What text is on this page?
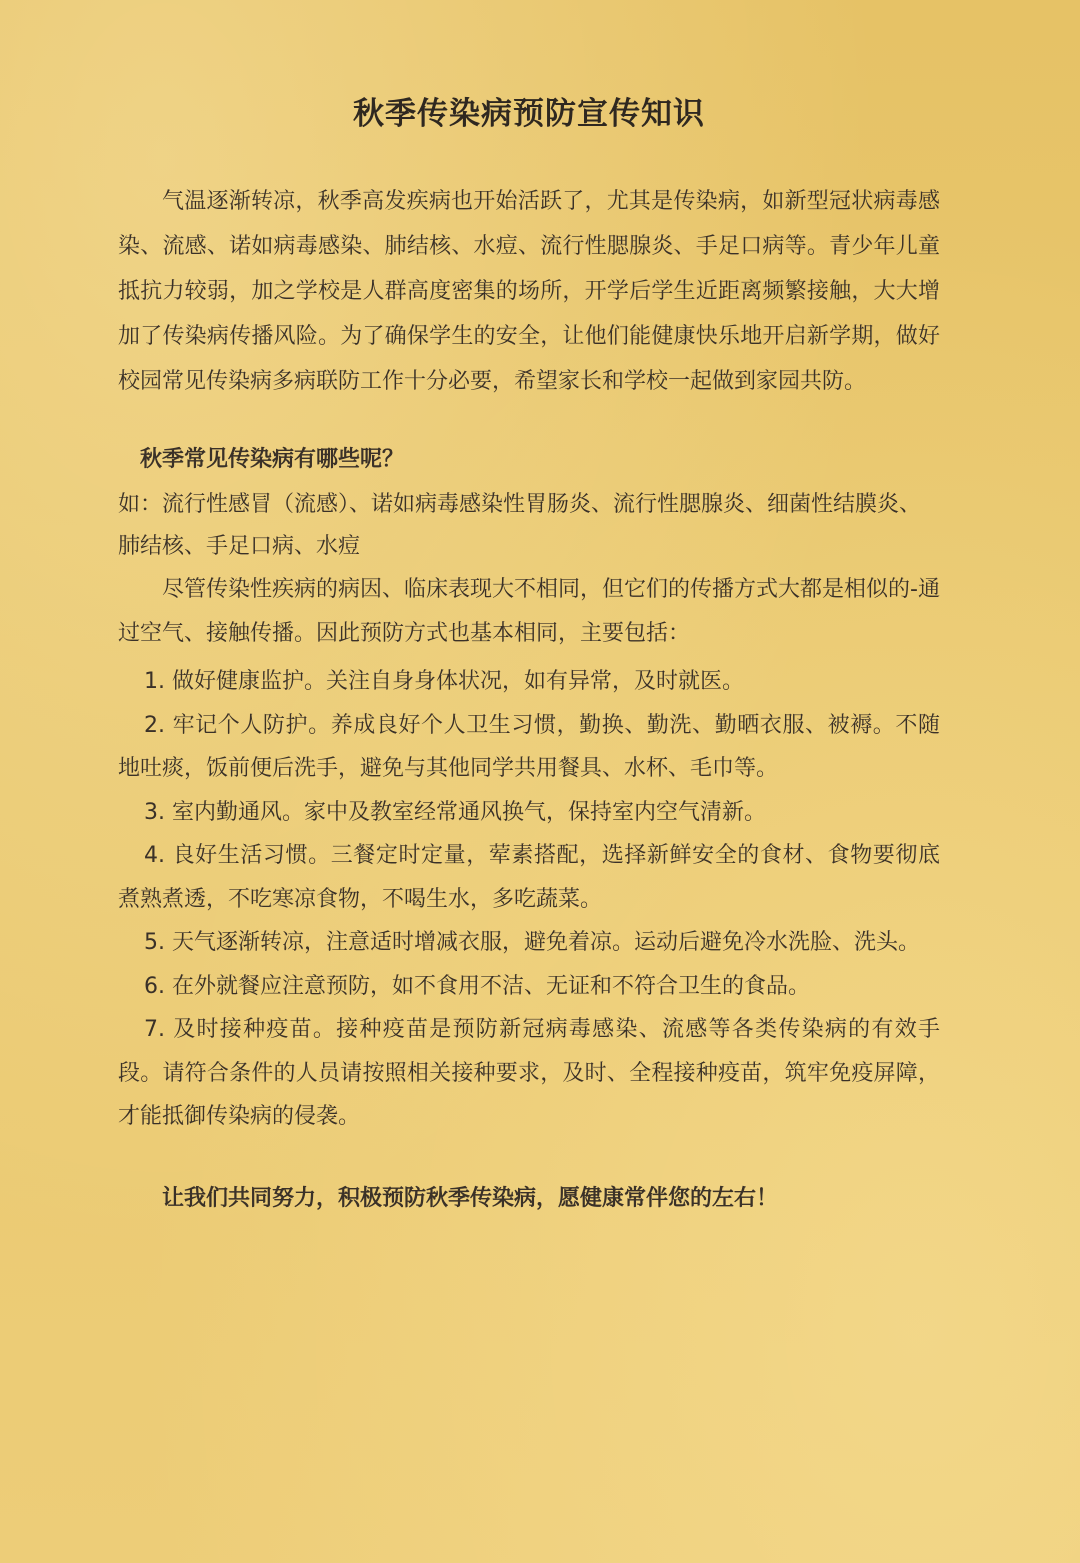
秋季传染病预防宣传知识

气温逐渐转凉，秋季高发疾病也开始活跃了，尤其是传染病，如新型冠状病毒感染、流感、诺如病毒感染、肺结核、水痘、流行性腮腺炎、手足口病等。青少年儿童抵抗力较弱，加之学校是人群高度密集的场所，开学后学生近距离频繁接触，大大增加了传染病传播风险。为了确保学生的安全，让他们能健康快乐地开启新学期，做好校园常见传染病多病联防工作十分必要，希望家长和学校一起做到家园共防。

秋季常见传染病有哪些呢？

如：流行性感冒（流感）、诺如病毒感染性胃肠炎、流行性腮腺炎、细菌性结膜炎、肺结核、手足口病、水痘

尽管传染性疾病的病因、临床表现大不相同，但它们的传播方式大都是相似的-通过空气、接触传播。因此预防方式也基本相同，主要包括：

1. 做好健康监护。关注自身身体状况，如有异常，及时就医。
2. 牢记个人防护。养成良好个人卫生习惯，勤换、勤洗、勤晒衣服、被褥。不随地吐痰，饭前便后洗手，避免与其他同学共用餐具、水杯、毛巾等。
3. 室内勤通风。家中及教室经常通风换气，保持室内空气清新。
4. 良好生活习惯。三餐定时定量，荤素搭配，选择新鲜安全的食材、食物要彻底煮熟煮透，不吃寒凉食物，不喝生水，多吃蔬菜。
5. 天气逐渐转凉，注意适时增减衣服，避免着凉。运动后避免冷水洗脸、洗头。
6. 在外就餐应注意预防，如不食用不洁、无证和不符合卫生的食品。
7. 及时接种疫苗。接种疫苗是预防新冠病毒感染、流感等各类传染病的有效手段。请符合条件的人员请按照相关接种要求，及时、全程接种疫苗，筑牢免疫屏障，才能抵御传染病的侵袭。

让我们共同努力，积极预防秋季传染病，愿健康常伴您的左右！
